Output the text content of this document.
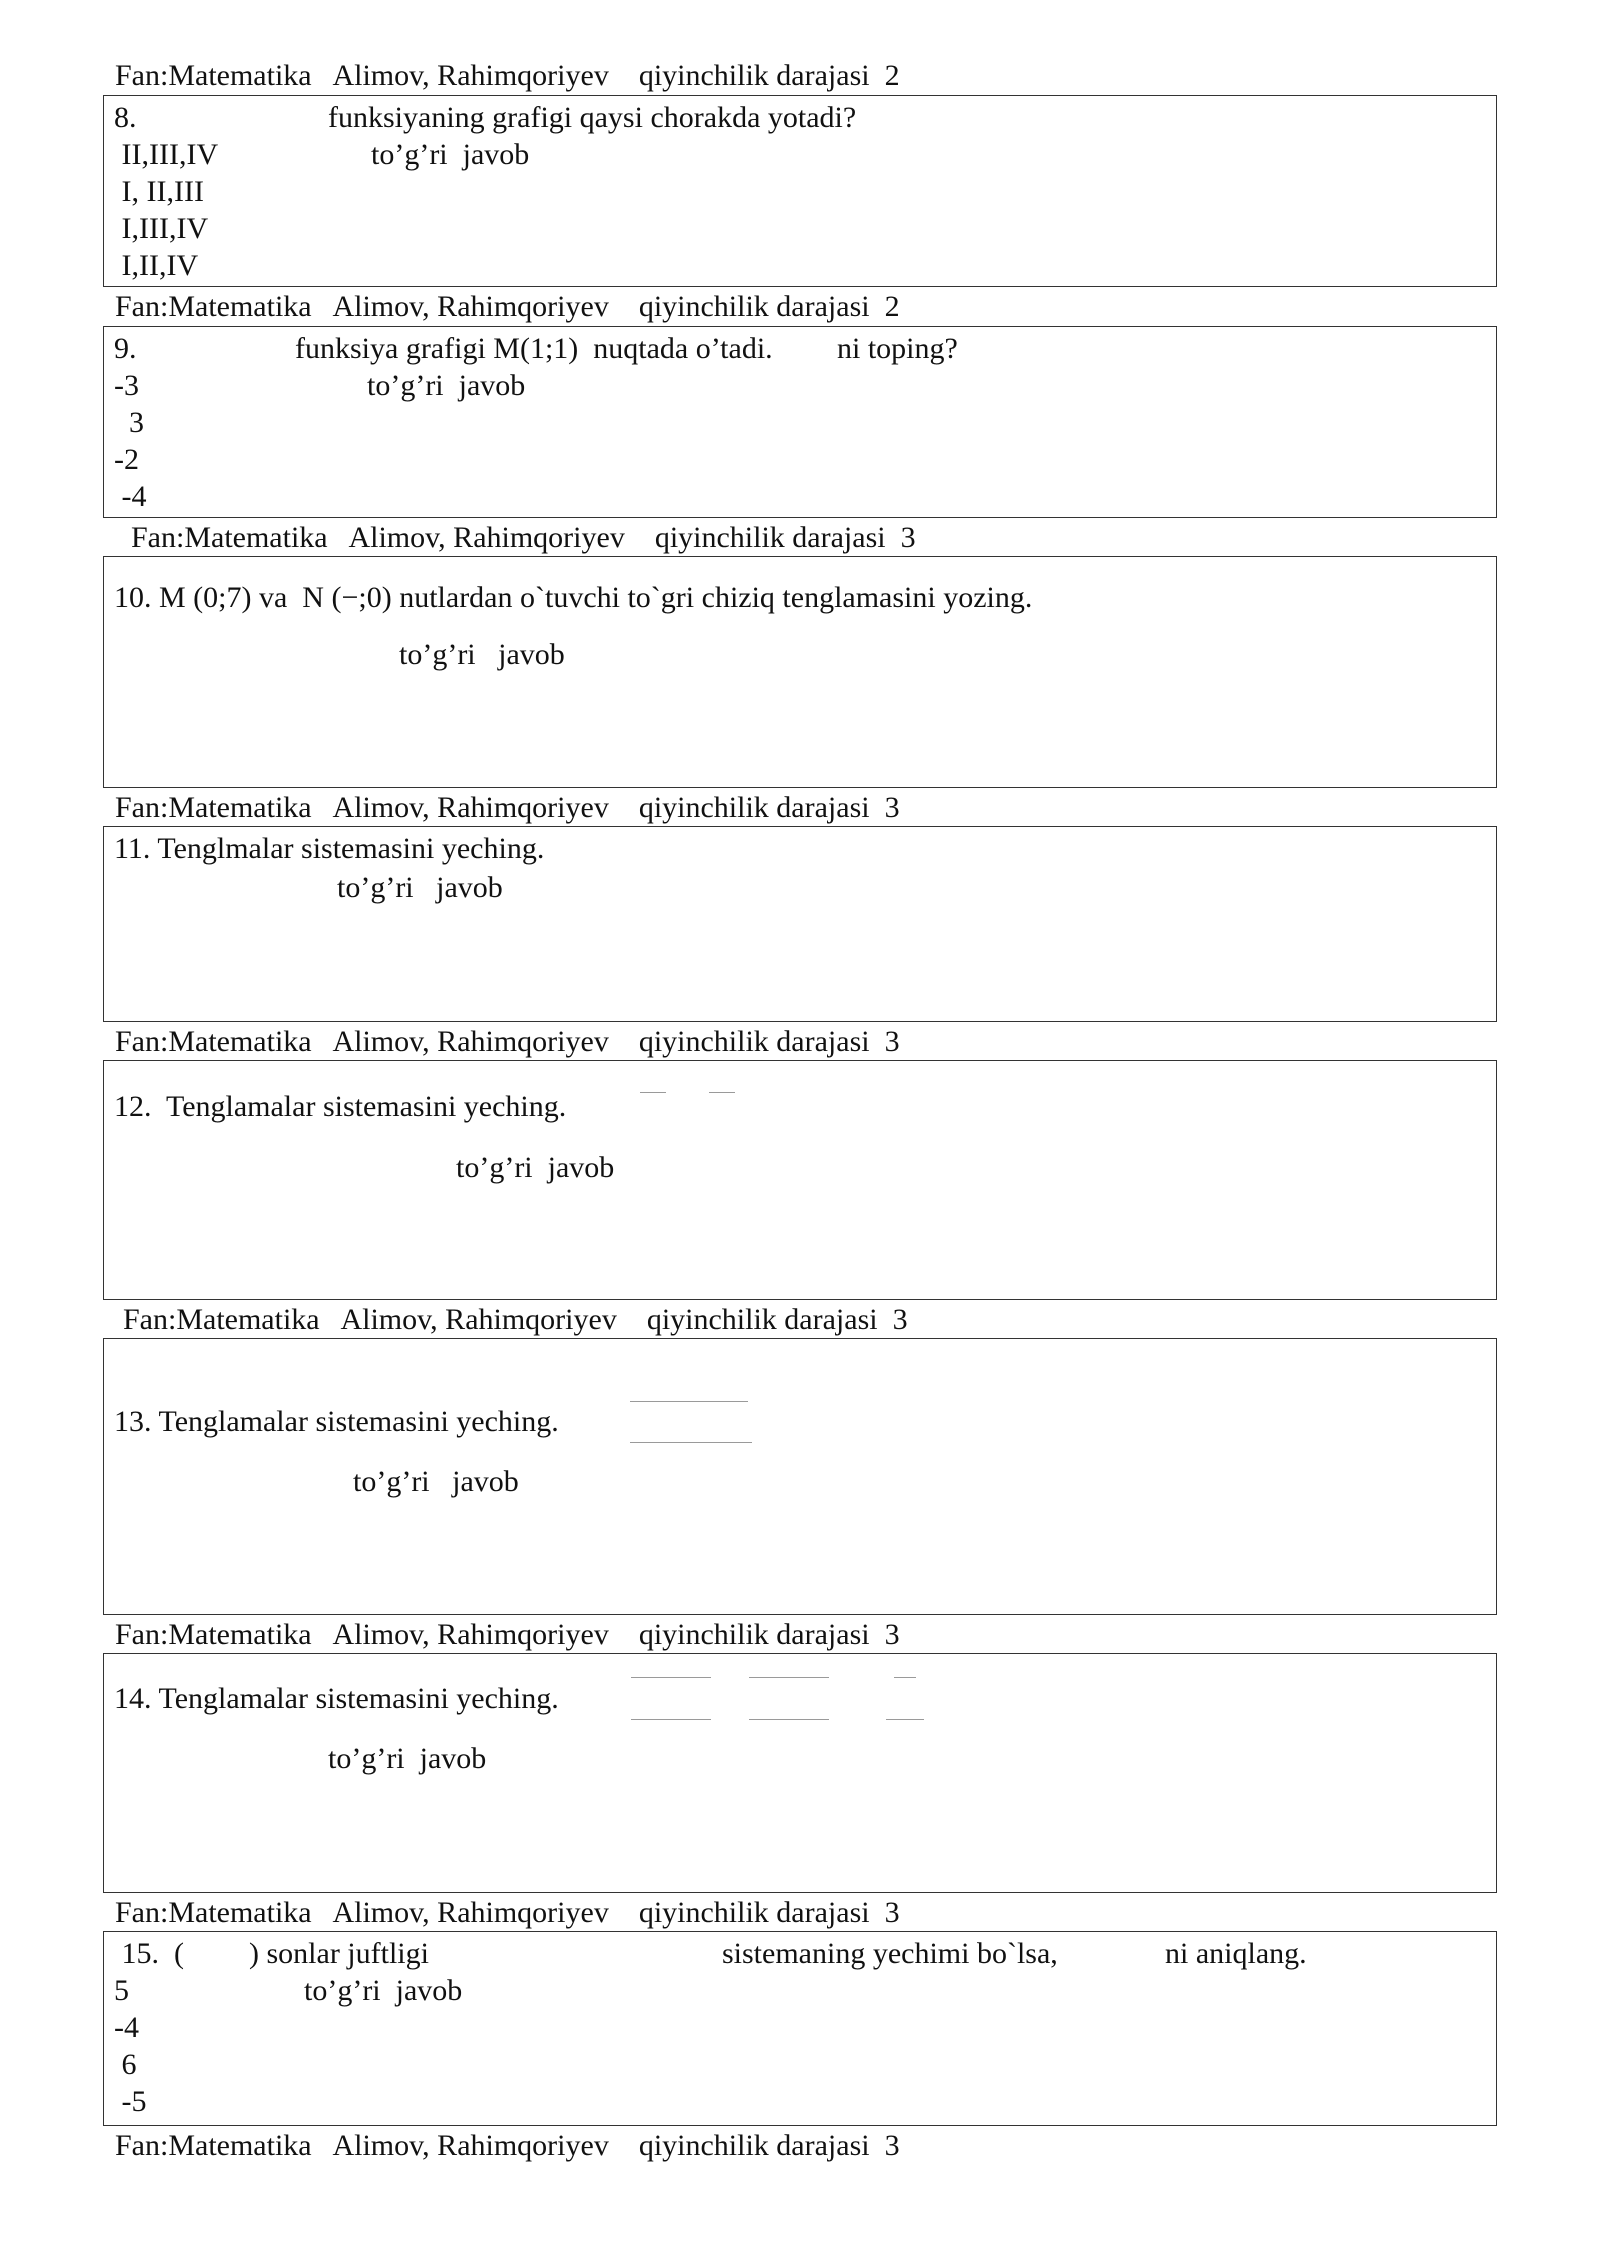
Fan:Matematika   Alimov, Rahimqoriyev    qiyinchilik darajasi  2
8.	funksiyaning grafigi qaysi chorakda yotadi?
II,III,IV	to’g’ri  javob
I, II,III
I,III,IV
I,II,IV
Fan:Matematika   Alimov, Rahimqoriyev    qiyinchilik darajasi  2
9.	funksiya grafigi M(1;1)  nuqtada o’tadi. ni toping?
-3	to’g’ri  javob
3
-2
-4
Fan:Matematika   Alimov, Rahimqoriyev    qiyinchilik darajasi  3
10. M (0;7) va  N (−;0) nutlardan o`tuvchi to`gri chiziq tenglamasini yozing.
to’g’ri   javob
Fan:Matematika   Alimov, Rahimqoriyev    qiyinchilik darajasi  3
11. Tenglmalar sistemasini yeching.
to’g’ri   javob
Fan:Matematika   Alimov, Rahimqoriyev    qiyinchilik darajasi  3
12.  Tenglamalar sistemasini yeching.
to’g’ri  javob
Fan:Matematika   Alimov, Rahimqoriyev    qiyinchilik darajasi  3
13. Tenglamalar sistemasini yeching.
to’g’ri   javob
Fan:Matematika   Alimov, Rahimqoriyev    qiyinchilik darajasi  3
14. Tenglamalar sistemasini yeching.
to’g’ri  javob
Fan:Matematika   Alimov, Rahimqoriyev    qiyinchilik darajasi  3
15.  ( ) sonlar juftligi	sistemaning yechimi bo`lsa,	ni aniqlang.
5	to’g’ri  javob
-4
6
-5
Fan:Matematika   Alimov, Rahimqoriyev    qiyinchilik darajasi  3
